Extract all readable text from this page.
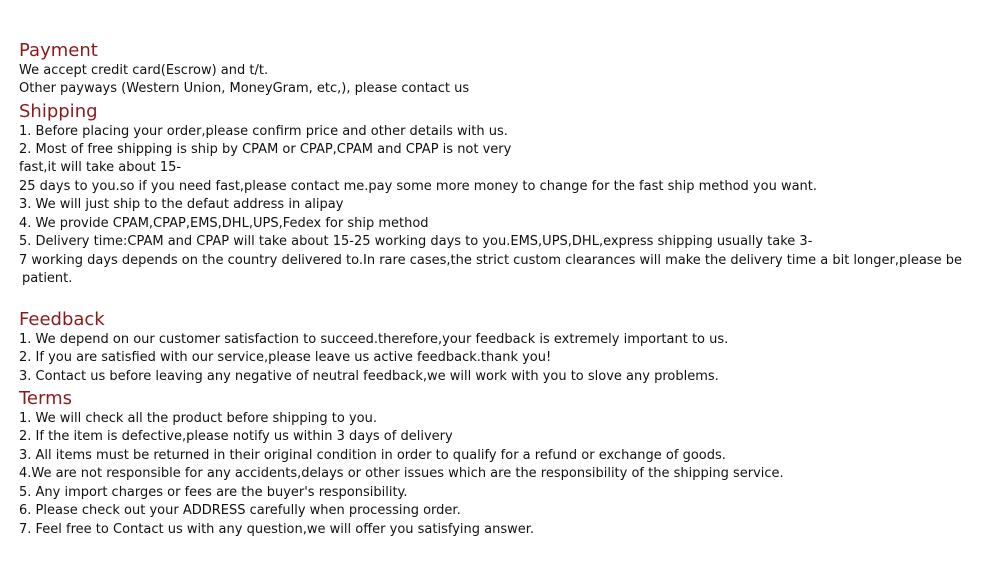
Payment

We accept credit card(Escrow) and t/t.

Other payways (Western Union, MoneyGram, etc,), please contact us

Shipping

1. Before placing your order,please confirm price and other details with us.

2. Most of free shipping is ship by CPAM or CPAP,CPAM and CPAP is not very

fast,it will take about 15-

25 days to you.so if you need fast,please contact me.pay some more money to change for the fast ship method you want.

3. We will just ship to the defaut address in alipay

4. We provide CPAM,CPAP,EMS,DHL,UPS,Fedex for ship method

5. Delivery time:CPAM and CPAP will take about 15-25 working days to you.EMS,UPS,DHL,express shipping usually take 3-

7 working days depends on the country delivered to.In rare cases,the strict custom clearances will make the delivery time a bit longer,please be

patient.

Feedback

1. We depend on our customer satisfaction to succeed.therefore,your feedback is extremely important to us.

2. If you are satisfied with our service,please leave us active feedback.thank you!

3. Contact us before leaving any negative of neutral feedback,we will work with you to slove any problems.

Terms

1. We will check all the product before shipping to you.

2. If the item is defective,please notify us within 3 days of delivery

3. All items must be returned in their original condition in order to qualify for a refund or exchange of goods.

4.We are not responsible for any accidents,delays or other issues which are the responsibility of the shipping service.

5. Any import charges or fees are the buyer's responsibility.

6. Please check out your ADDRESS carefully when processing order.

7. Feel free to Contact us with any question,we will offer you satisfying answer.
